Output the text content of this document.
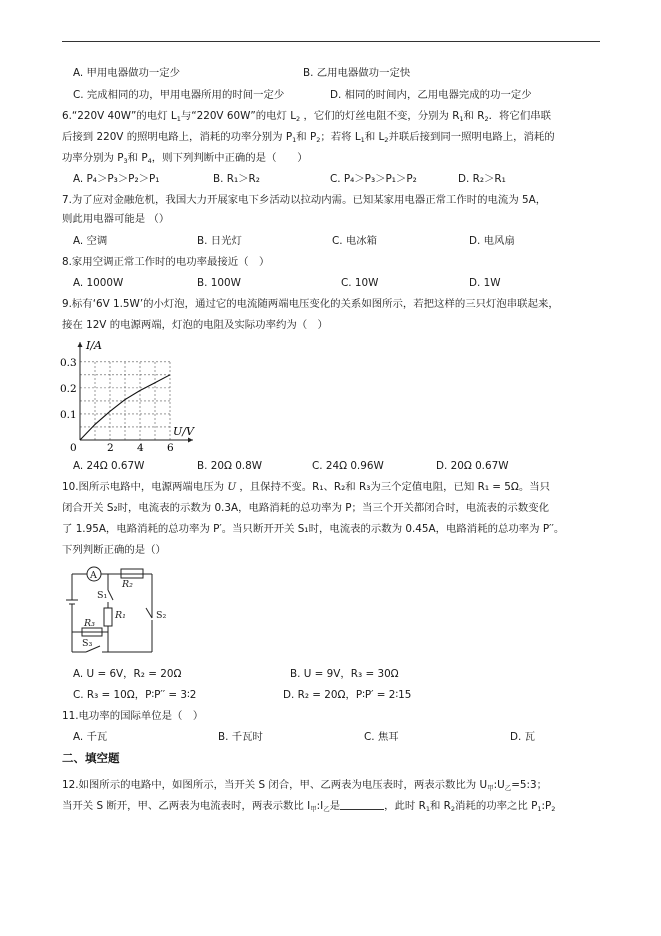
A. 甲用电器做功一定少	B. 乙用电器做功一定快
C. 完成相同的功，甲用电器所用的时间一定少	D. 相同的时间内，乙用电器完成的功一定少
6.“220V 40W”的电灯 $L_1$与“220V 60W”的电灯 $L_2$ ，它们的灯丝电阻不变，分别为 $R_1$和 $R_2$．将它们串联
后接到 220V 的照明电路上，消耗的功率分别为 $P_1$和 $P_2$；若将 $L_1$和 $L_2$并联后接到同一照明电路上，消耗的
功率分别为 $P_3$和 $P_4$，则下列判断中正确的是（　　）
A. P₄＞P₃＞P₂＞P₁	B. R₁＞R₂	C. P₄＞P₃＞P₁＞P₂	D. R₂＞R₁
7.为了应对金融危机，我国大力开展家电下乡活动以拉动内需。已知某家用电器正常工作时的电流为 5A，
则此用电器可能是 （）
A. 空调	B. 日光灯	C. 电冰箱	D. 电风扇
8.家用空调正常工作时的电功率最接近（　）
A. 1000W	B. 100W	C. 10W	D. 1W
9.标有‘6V 1.5W’的小灯泡，通过它的电流随两端电压变化的关系如图所示，若把这样的三只灯泡串联起来，
接在 12V 的电源两端，灯泡的电阻及实际功率约为（　）
2 4 6
0.1
0.2
0.3
I/A
U/V
0
A. 24Ω 0.67W	B. 20Ω 0.8W	C. 24Ω 0.96W	D. 20Ω 0.67W
10.图所示电路中，电源两端电压为 U ，且保持不变。R₁、R₂和 R₃为三个定值电阻，已知 R₁ = 5Ω。当只
闭合开关 S₂时，电流表的示数为 0.3A，电路消耗的总功率为 P；当三个开关都闭合时，电流表的示数变化
了 1.95A，电路消耗的总功率为 P′。当只断开开关 S₁时，电流表的示数为 0.45A，电路消耗的总功率为 P′′。
下列判断正确的是（）
A
R₂
S₁
R₁	S₂
R₃
S₃
A. U = 6V，R₂ = 20Ω	B. U = 9V，R₃ = 30Ω
C. R₃ = 10Ω，P∶P′′ = 3∶2	D. R₂ = 20Ω，P∶P′ = 2∶15
11.电功率的国际单位是（　）
A. 千瓦	B. 千瓦时	C. 焦耳	D. 瓦
二、填空题
12.如图所示的电路中，如图所示，当开关 S 闭合，甲、乙两表为电压表时，两表示数比为 $U_甲:U_乙=5:3$；
当开关 S 断开，甲、乙两表为电流表时，两表示数比 $I_甲:I_乙$是	，此时 $R_1$和 $R_2$消耗的功率之比 $P_1:P_2$
